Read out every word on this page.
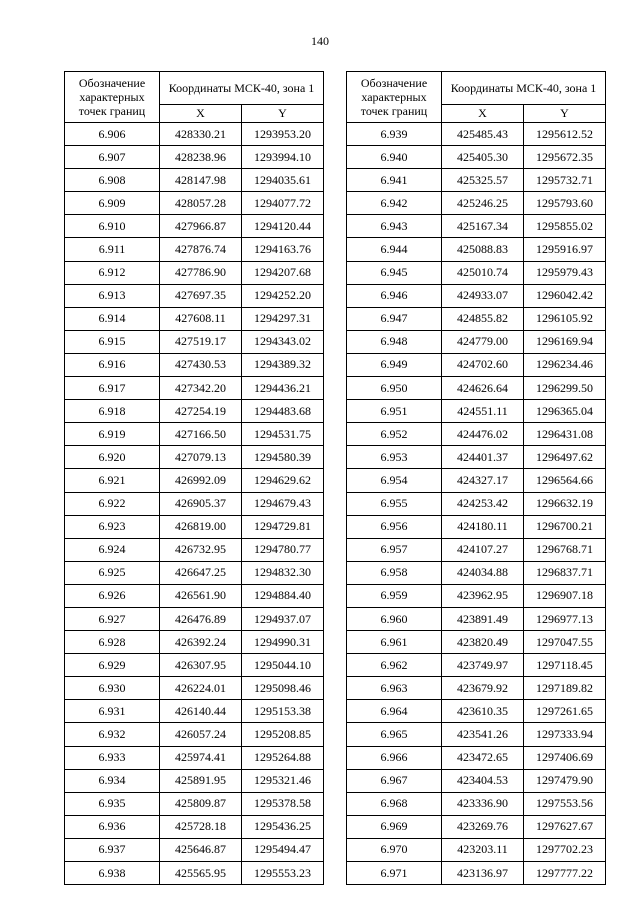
140
Обозначение характерных точек границ	Координаты МСК-40, зона 1	
	X	Y
6.906	428330.21	1293953.20
6.907	428238.96	1293994.10
6.908	428147.98	1294035.61
6.909	428057.28	1294077.72
6.910	427966.87	1294120.44
6.911	427876.74	1294163.76
6.912	427786.90	1294207.68
6.913	427697.35	1294252.20
6.914	427608.11	1294297.31
6.915	427519.17	1294343.02
6.916	427430.53	1294389.32
6.917	427342.20	1294436.21
6.918	427254.19	1294483.68
6.919	427166.50	1294531.75
6.920	427079.13	1294580.39
6.921	426992.09	1294629.62
6.922	426905.37	1294679.43
6.923	426819.00	1294729.81
6.924	426732.95	1294780.77
6.925	426647.25	1294832.30
6.926	426561.90	1294884.40
6.927	426476.89	1294937.07
6.928	426392.24	1294990.31
6.929	426307.95	1295044.10
6.930	426224.01	1295098.46
6.931	426140.44	1295153.38
6.932	426057.24	1295208.85
6.933	425974.41	1295264.88
6.934	425891.95	1295321.46
6.935	425809.87	1295378.58
6.936	425728.18	1295436.25
6.937	425646.87	1295494.47
6.938	425565.95	1295553.23
Обозначение характерных точек границ	Координаты МСК-40, зона 1	
	X	Y
6.939	425485.43	1295612.52
6.940	425405.30	1295672.35
6.941	425325.57	1295732.71
6.942	425246.25	1295793.60
6.943	425167.34	1295855.02
6.944	425088.83	1295916.97
6.945	425010.74	1295979.43
6.946	424933.07	1296042.42
6.947	424855.82	1296105.92
6.948	424779.00	1296169.94
6.949	424702.60	1296234.46
6.950	424626.64	1296299.50
6.951	424551.11	1296365.04
6.952	424476.02	1296431.08
6.953	424401.37	1296497.62
6.954	424327.17	1296564.66
6.955	424253.42	1296632.19
6.956	424180.11	1296700.21
6.957	424107.27	1296768.71
6.958	424034.88	1296837.71
6.959	423962.95	1296907.18
6.960	423891.49	1296977.13
6.961	423820.49	1297047.55
6.962	423749.97	1297118.45
6.963	423679.92	1297189.82
6.964	423610.35	1297261.65
6.965	423541.26	1297333.94
6.966	423472.65	1297406.69
6.967	423404.53	1297479.90
6.968	423336.90	1297553.56
6.969	423269.76	1297627.67
6.970	423203.11	1297702.23
6.971	423136.97	1297777.22
